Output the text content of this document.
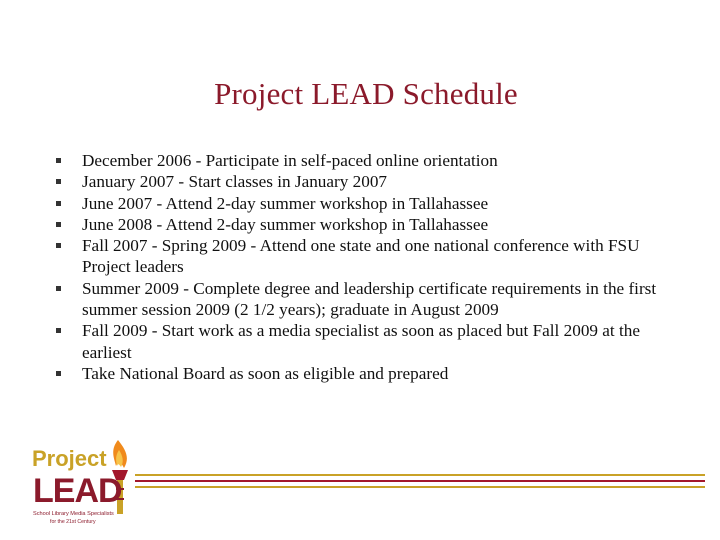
Project LEAD Schedule
December 2006 - Participate in self-paced online orientation
January 2007 - Start classes in January 2007
June 2007 - Attend 2-day summer workshop in Tallahassee
June 2008 - Attend 2-day summer workshop in Tallahassee
Fall 2007 - Spring 2009 - Attend one state and one national conference with FSU Project leaders
Summer 2009 - Complete degree and leadership certificate requirements in the first summer session 2009 (2 1/2 years); graduate in August 2009
Fall 2009 - Start work as a media specialist as soon as placed but Fall 2009 at the earliest
Take National Board as soon as eligible and prepared
Project
LEAD
School Library Media Specialists
for the 21st Century
